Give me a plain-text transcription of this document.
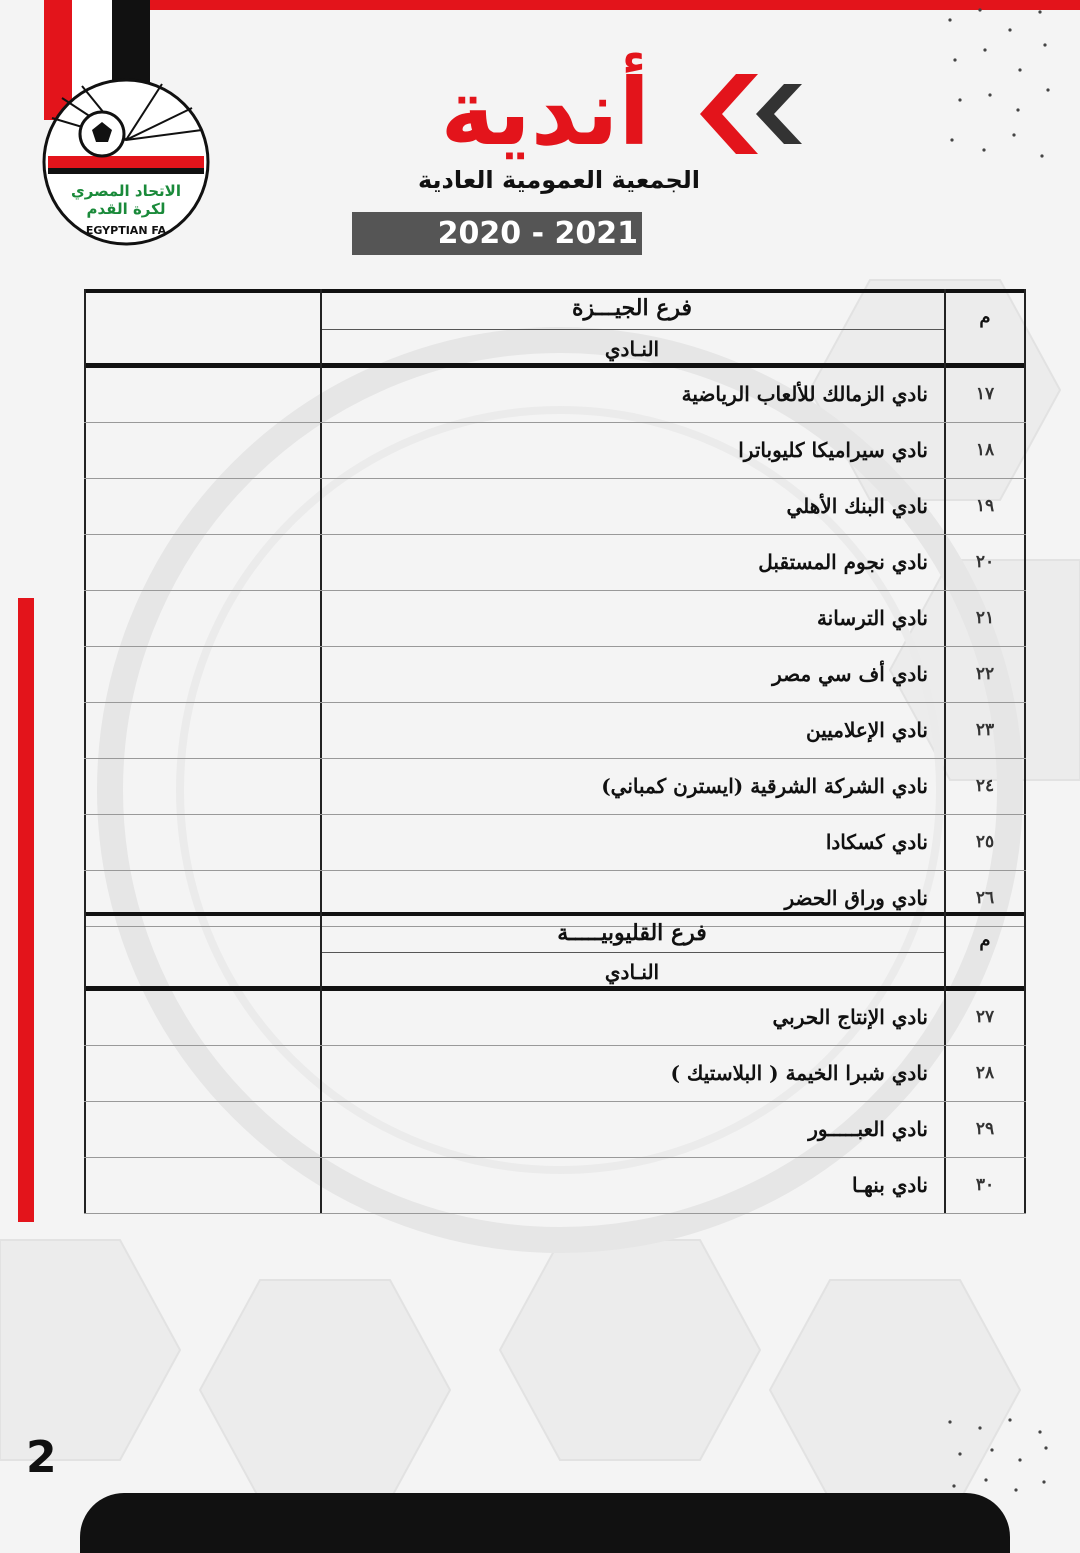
الاتحاد المصري
لكرة القدم
EGYPTIAN FA
أندية
الجمعية العمومية العادية
2020 - 2021
فرع الجيـــزة
النـادي
م
نادي الزمالك للألعاب الرياضية	١٧
نادي سيراميكا كليوباترا	١٨
نادي البنك الأهلي	١٩
نادي نجوم المستقبل	٢٠
نادي الترسانة	٢١
نادي أف سي مصر	٢٢
نادي الإعلاميين	٢٣
نادي الشركة الشرقية (ايسترن كمباني)	٢٤
نادي كسكادا	٢٥
نادي وراق الحضر	٢٦
فرع القليوبيـــــة
النـادي
م
نادي الإنتاج الحربي	٢٧
نادي شبرا الخيمة ( البلاستيك )	٢٨
نادي العبـــــور	٢٩
نادي بنهـا	٣٠
2
